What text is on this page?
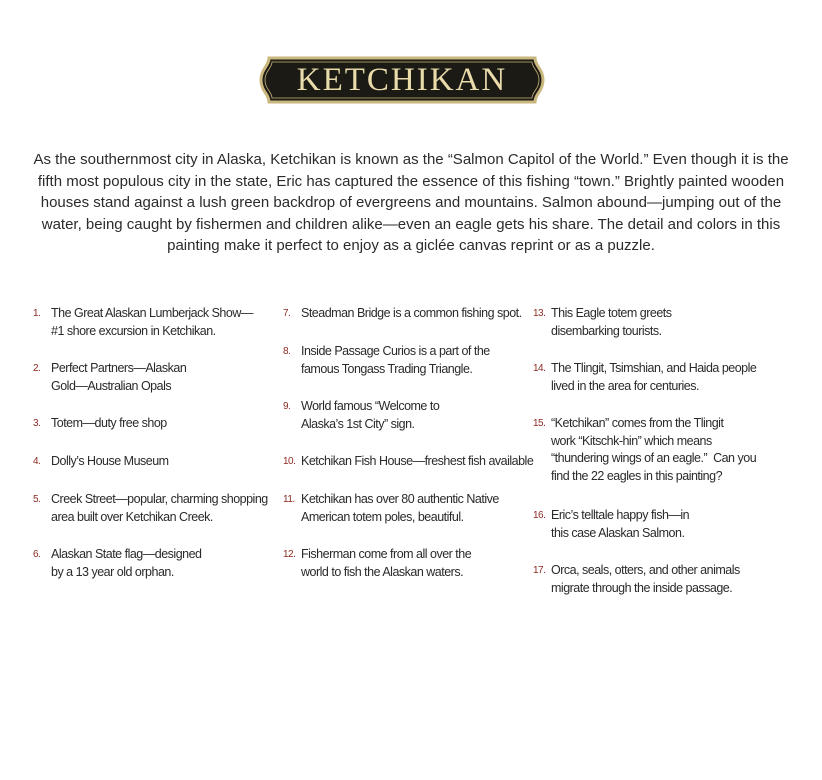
KETCHIKAN

As the southernmost city in Alaska, Ketchikan is known as the “Salmon Capitol of the World.” Even though it is the fifth most populous city in the state, Eric has captured the essence of this fishing “town.” Brightly painted wooden houses stand against a lush green backdrop of evergreens and mountains. Salmon abound—jumping out of the water, being caught by fishermen and children alike—even an eagle gets his share. The detail and colors in this painting make it perfect to enjoy as a giclée canvas reprint or as a puzzle.

1. The Great Alaskan Lumberjack Show—
#1 shore excursion in Ketchikan.
2. Perfect Partners—Alaskan
Gold—Australian Opals
3. Totem—duty free shop
4. Dolly’s House Museum
5. Creek Street—popular, charming shopping
area built over Ketchikan Creek.
6. Alaskan State flag—designed
by a 13 year old orphan.
7. Steadman Bridge is a common fishing spot.
8. Inside Passage Curios is a part of the
famous Tongass Trading Triangle.
9. World famous “Welcome to
Alaska’s 1st City” sign.
10. Ketchikan Fish House—freshest fish available
11. Ketchikan has over 80 authentic Native
American totem poles, beautiful.
12. Fisherman come from all over the
world to fish the Alaskan waters.
13. This Eagle totem greets
disembarking tourists.
14. The Tlingit, Tsimshian, and Haida people
lived in the area for centuries.
15. “Ketchikan” comes from the Tlingit
work “Kitschk-hin” which means
“thundering wings of an eagle.”  Can you
find the 22 eagles in this painting?
16. Eric’s telltale happy fish—in
this case Alaskan Salmon.
17. Orca, seals, otters, and other animals
migrate through the inside passage.
